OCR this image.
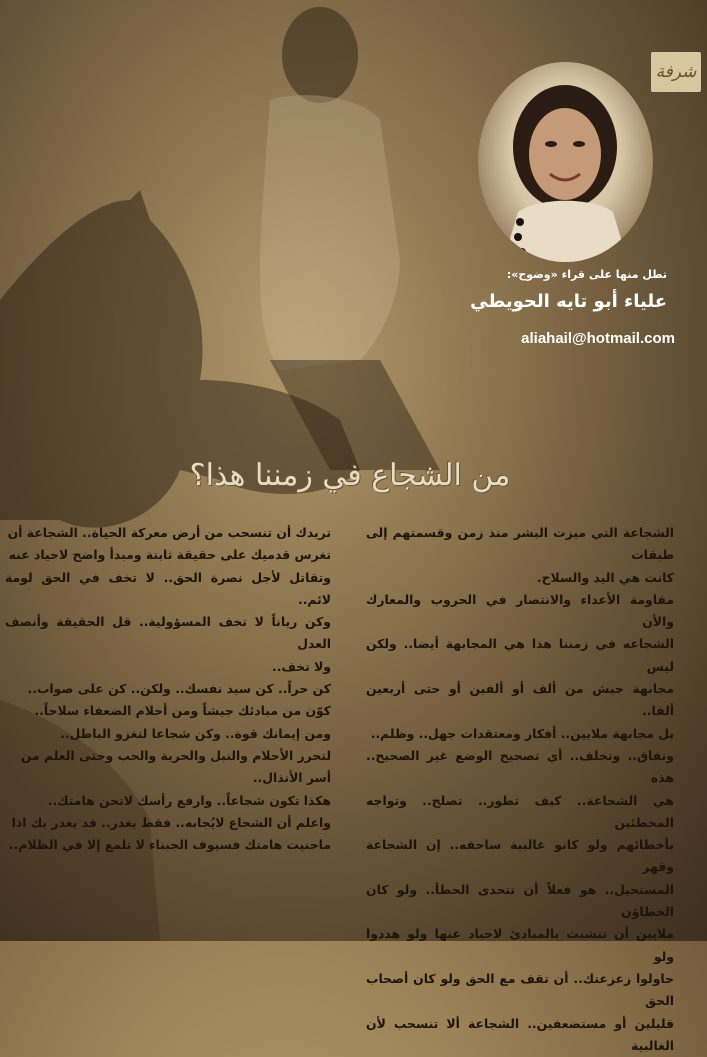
شرفة
تطل منها على قراء «وضوح»:
علياء أبو تايه الحويطي
aliahail@hotmail.com
من الشجاع في زمننا هذا؟

الشجاعة التي ميزت البشر منذ زمن وقسمتهم إلى طبقات

كانت هي اليد والسلاح.

مقاومة الأعداء والانتصار في الحروب والمعارك والأن

الشجاعه في زمننا هذا هي المجابهة أيضا.. ولكن ليس

مجابهة جيش من ألف أو ألفين أو حتى أربعين ألفا..

بل مجابهة ملايين.. أفكار ومعتقدات جهل.. وظلم..

ونفاق.. وتخلف.. أي تصحيح الوضع غير الصحيح.. هذه

هي الشجاعة.. كيف تطور.. تصلح.. وتواجه المخطئين

بأخطائهم ولو كانو غالبية ساحقه.. إن الشجاعة وقهر

المستحيل.. هو فعلاً أن تتحدى الخطأ.. ولو كان الخطاؤن

ملايين أن تتشبث بالمبادئ لاحياد عنها ولو هددوا ولو

حاولوا زعزعتك.. أن تقف مع الحق ولو كان أصحاب الحق

قليلين أو مستضعفين.. الشجاعة ألا تنسحب لأن الغالبية

تريدك أن تنسحب من أرض معركة الحياة.. الشجاعة أن

تغرس قدميك على حقيقة ثابتة ومبدأ واضح لاحياد عنه

وتقاتل لأجل نصرة الحق.. لا تخف في الحق لومة لائم..

وكن رياناً لا تخف المسؤولية.. قل الحقيقة وأنصف العدل

ولا تخف..

كن حراً.. كن سيد نفسك.. ولكن.. كن على صواب..

كوّن من مبادئك جيشاً ومن أحلام الضعفاء سلاحاً..

ومن إيمانك قوة.. وكن شجاعا لتغزو الباطل..

لتحرر الأحلام والنبل والحرية والحب وحتى العلم من

أسر الأنذال..

هكذا تكون شجاعاً.. وارفع رأسك لاتحن هامتك..

واعلم أن الشجاع لايُجابه.. فقط يغدر.. قد يغدر بك اذا

ماحنيت هامتك فسيوف الجبناء لا تلمع إلا في الظلام..
